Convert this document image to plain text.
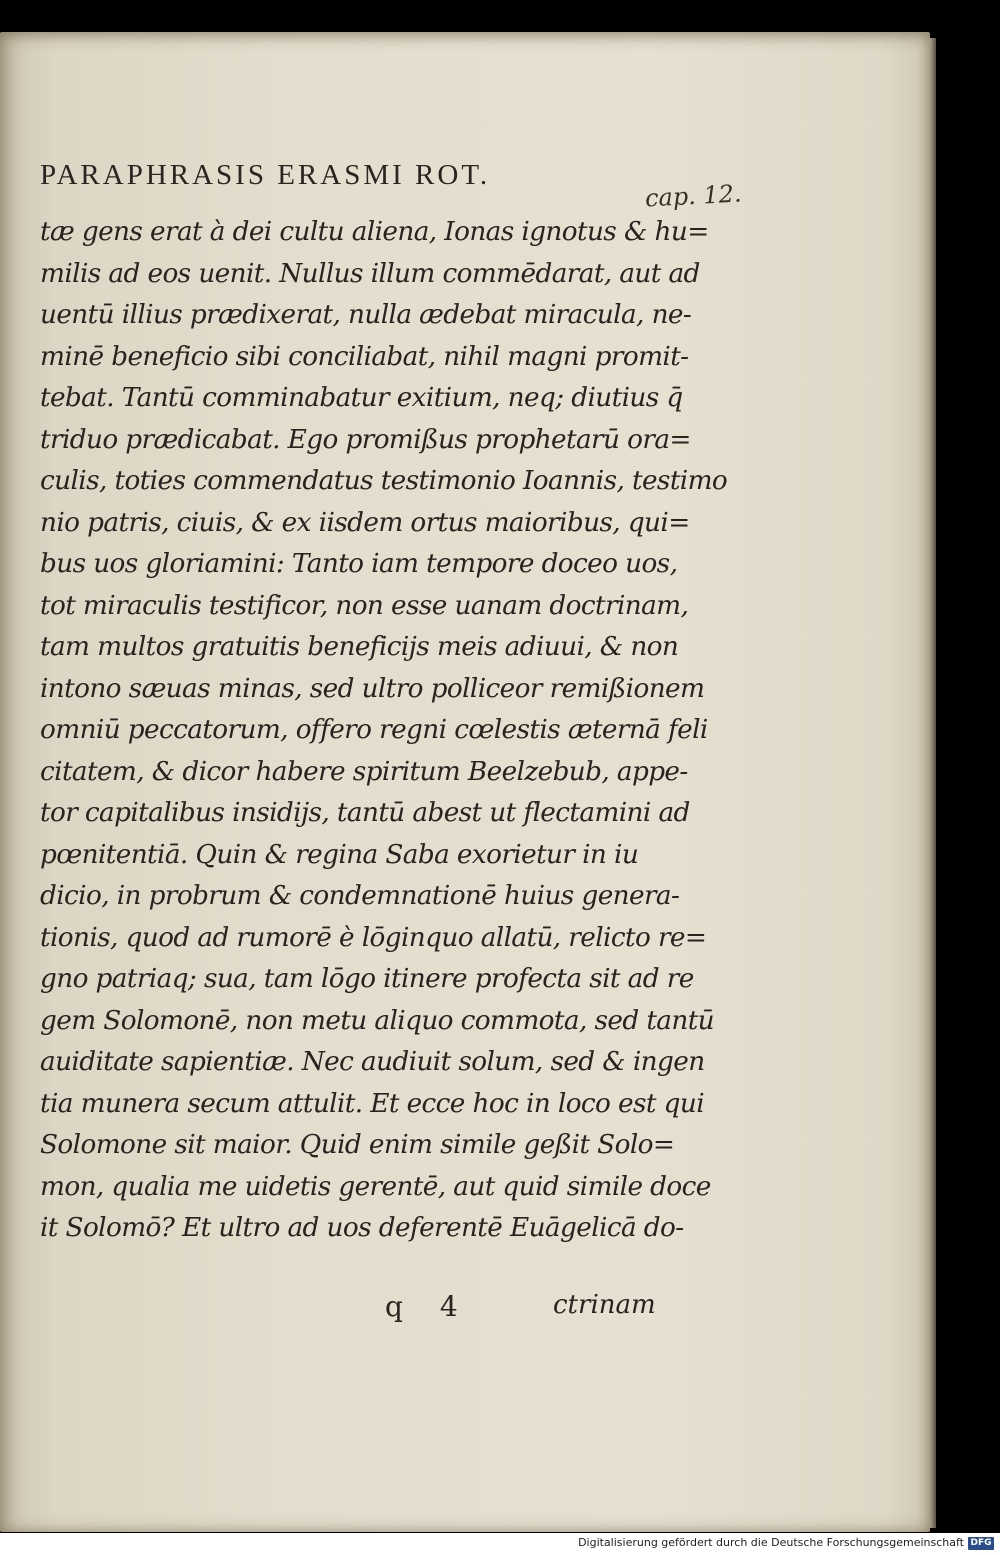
PARAPHRASIS ERASMI ROT.
cap. 12.
tæ gens erat à dei cultu aliena, Ionas ignotus & hu=
milis ad eos uenit. Nullus illum commēdarat, aut ad
uentū illius prædixerat, nulla ædebat miracula, ne-
minē beneficio sibi conciliabat, nihil magni promit-
tebat. Tantū comminabatur exitium, neq; diutius q̄
triduo prædicabat. Ego promißus prophetarū ora=
culis, toties commendatus testimonio Ioannis, testimo
nio patris, ciuis, & ex iisdem ortus maioribus, qui=
bus uos gloriamini: Tanto iam tempore doceo uos,
tot miraculis testificor, non esse uanam doctrinam,
tam multos gratuitis beneficijs meis adiuui, & non
intono sæuas minas, sed ultro polliceor remißionem
omniū peccatorum, offero regni cœlestis æternā feli
citatem, & dicor habere spiritum Beelzebub, appe-
tor capitalibus insidijs, tantū abest ut flectamini ad
pœnitentiā. Quin & regina Saba exorietur in iu
dicio, in probrum & condemnationē huius genera-
tionis, quod ad rumorē è lōginquo allatū, relicto re=
gno patriaq; sua, tam lōgo itinere profecta sit ad re
gem Solomonē, non metu aliquo commota, sed tantū
auiditate sapientiæ. Nec audiuit solum, sed & ingen
tia munera secum attulit. Et ecce hoc in loco est qui
Solomone sit maior. Quid enim simile geßit Solo=
mon, qualia me uidetis gerentē, aut quid simile doce
it Solomō? Et ultro ad uos deferentē Euāgelicā do-
q 4	ctrinam
Digitalisierung gefördert durch die Deutsche Forschungsgemeinschaft DFG
